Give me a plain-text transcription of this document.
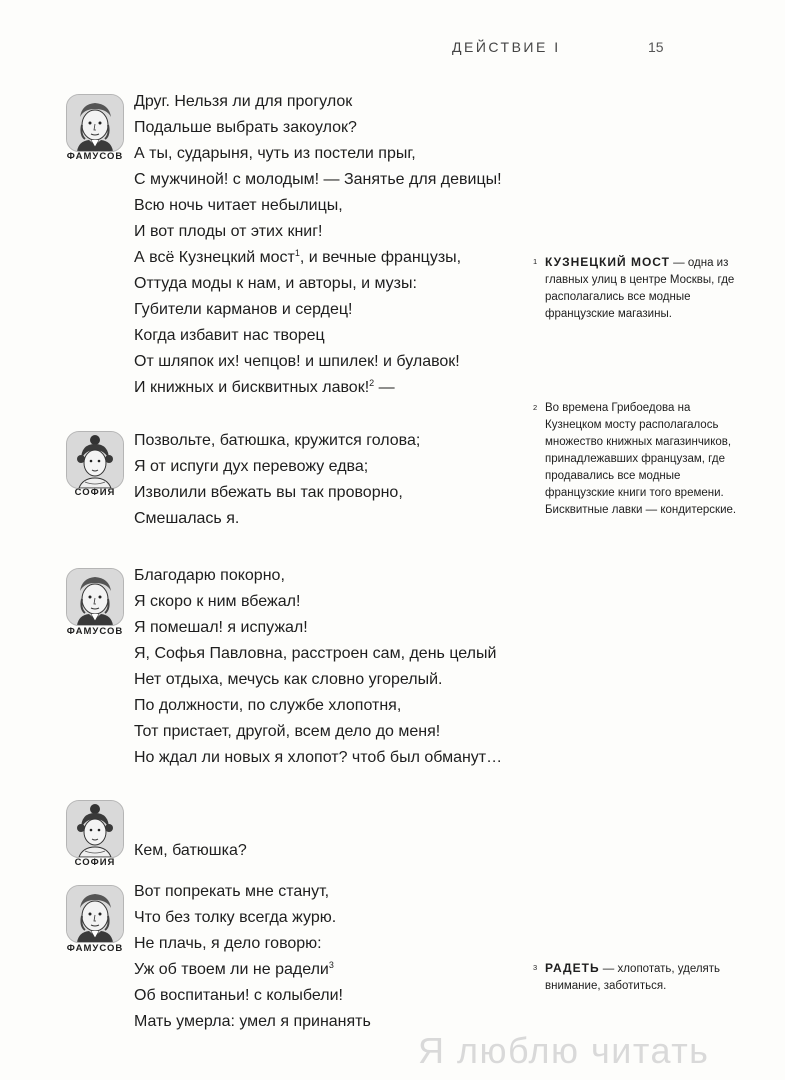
ДЕЙСТВИЕ I	15
ФАМУСОВ
Друг. Нельзя ли для прогулок
Подальше выбрать закоулок?
А ты, сударыня, чуть из постели прыг,
С мужчиной! с молодым! — Занятье для девицы!
Всю ночь читает небылицы,
И вот плоды от этих книг!
А всё Кузнецкий мост$^1$, и вечные французы,
Оттуда моды к нам, и авторы, и музы:
Губители карманов и сердец!
Когда избавит нас творец
От шляпок их! чепцов! и шпилек! и булавок!
И книжных и бисквитных лавок!$^2$ —
СОФИЯ
Позвольте, батюшка, кружится голова;
Я от испуги дух перевожу едва;
Изволили вбежать вы так проворно,
Смешалась я.
ФАМУСОВ
Благодарю покорно,
Я скоро к ним вбежал!
Я помешал! я испужал!
Я, Софья Павловна, расстроен сам, день целый
Нет отдыха, мечусь как словно угорелый.
По должности, по службе хлопотня,
Тот пристает, другой, всем дело до меня!
Но ждал ли новых я хлопот? чтоб был обманут…
СОФИЯ
Кем, батюшка?
ФАМУСОВ
Вот попрекать мне станут,
Что без толку всегда журю.
Не плачь, я дело говорю:
Уж об твоем ли не радели$^3$
Об воспитаньи! с колыбели!
Мать умерла: умел я принанять
1 КУЗНЕЦКИЙ МОСТ — одна из главных улиц в центре Москвы, где располагались все модные французские магазины.
2 Во времена Грибоедова на Кузнецком мосту располагалось множество книжных магазинчиков, принадлежавших французам, где продавались все модные французские книги того времени. Бисквитные лавки — кондитерские.
3 РАДЕТЬ — хлопотать, уделять внимание, заботиться.
Я люблю читать
